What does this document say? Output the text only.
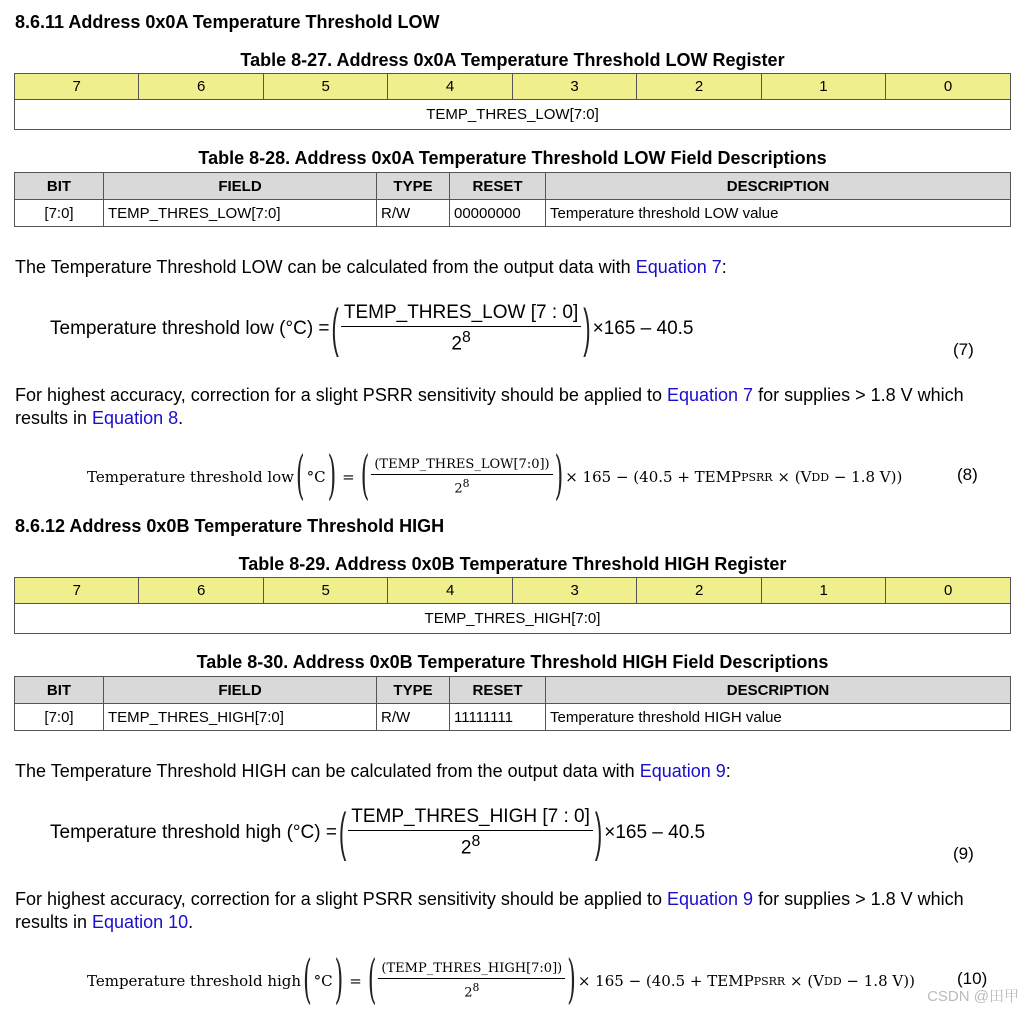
8.6.11 Address 0x0A Temperature Threshold LOW
Table 8-27. Address 0x0A Temperature Threshold LOW Register
7	6	5	4	3	2	1	0
TEMP_THRES_LOW[7:0]
Table 8-28. Address 0x0A Temperature Threshold LOW Field Descriptions
BIT	FIELD	TYPE	RESET	DESCRIPTION
[7:0]	TEMP_THRES_LOW[7:0]	R/W	00000000	Temperature threshold LOW value
The Temperature Threshold LOW can be calculated from the output data with Equation 7:
Temperature threshold low (°C) = ( $\frac{\text{TEMP\_THRES\_LOW [7 : 0]}}{2^8}$ ) ×165 – 40.5
(7)
For highest accuracy, correction for a slight PSRR sensitivity should be applied to Equation 7 for supplies > 1.8 V which results in Equation 8.
Temperature threshold low ( °C ) = ( $\frac{\text{(TEMP\_THRES\_LOW[7:0])}}{2^8}$ ) × 165 − ( 40.5 + TEMP PSRR × ( V DD − 1.8 V ))	(8)
8.6.12 Address 0x0B Temperature Threshold HIGH
Table 8-29. Address 0x0B Temperature Threshold HIGH Register
7	6	5	4	3	2	1	0
TEMP_THRES_HIGH[7:0]
Table 8-30. Address 0x0B Temperature Threshold HIGH Field Descriptions
BIT	FIELD	TYPE	RESET	DESCRIPTION
[7:0]	TEMP_THRES_HIGH[7:0]	R/W	11111111	Temperature threshold HIGH value
The Temperature Threshold HIGH can be calculated from the output data with Equation 9:
Temperature threshold high (°C) = ( $\frac{\text{TEMP\_THRES\_HIGH [7 : 0]}}{2^8}$ ) ×165 – 40.5
(9)
For highest accuracy, correction for a slight PSRR sensitivity should be applied to Equation 9 for supplies > 1.8 V which results in Equation 10.
Temperature threshold high ( °C ) = ( $\frac{\text{(TEMP\_THRES\_HIGH[7:0])}}{2^8}$ ) × 165 − ( 40.5 + TEMP PSRR × ( V DD − 1.8 V )) (10)
CSDN @田甲
